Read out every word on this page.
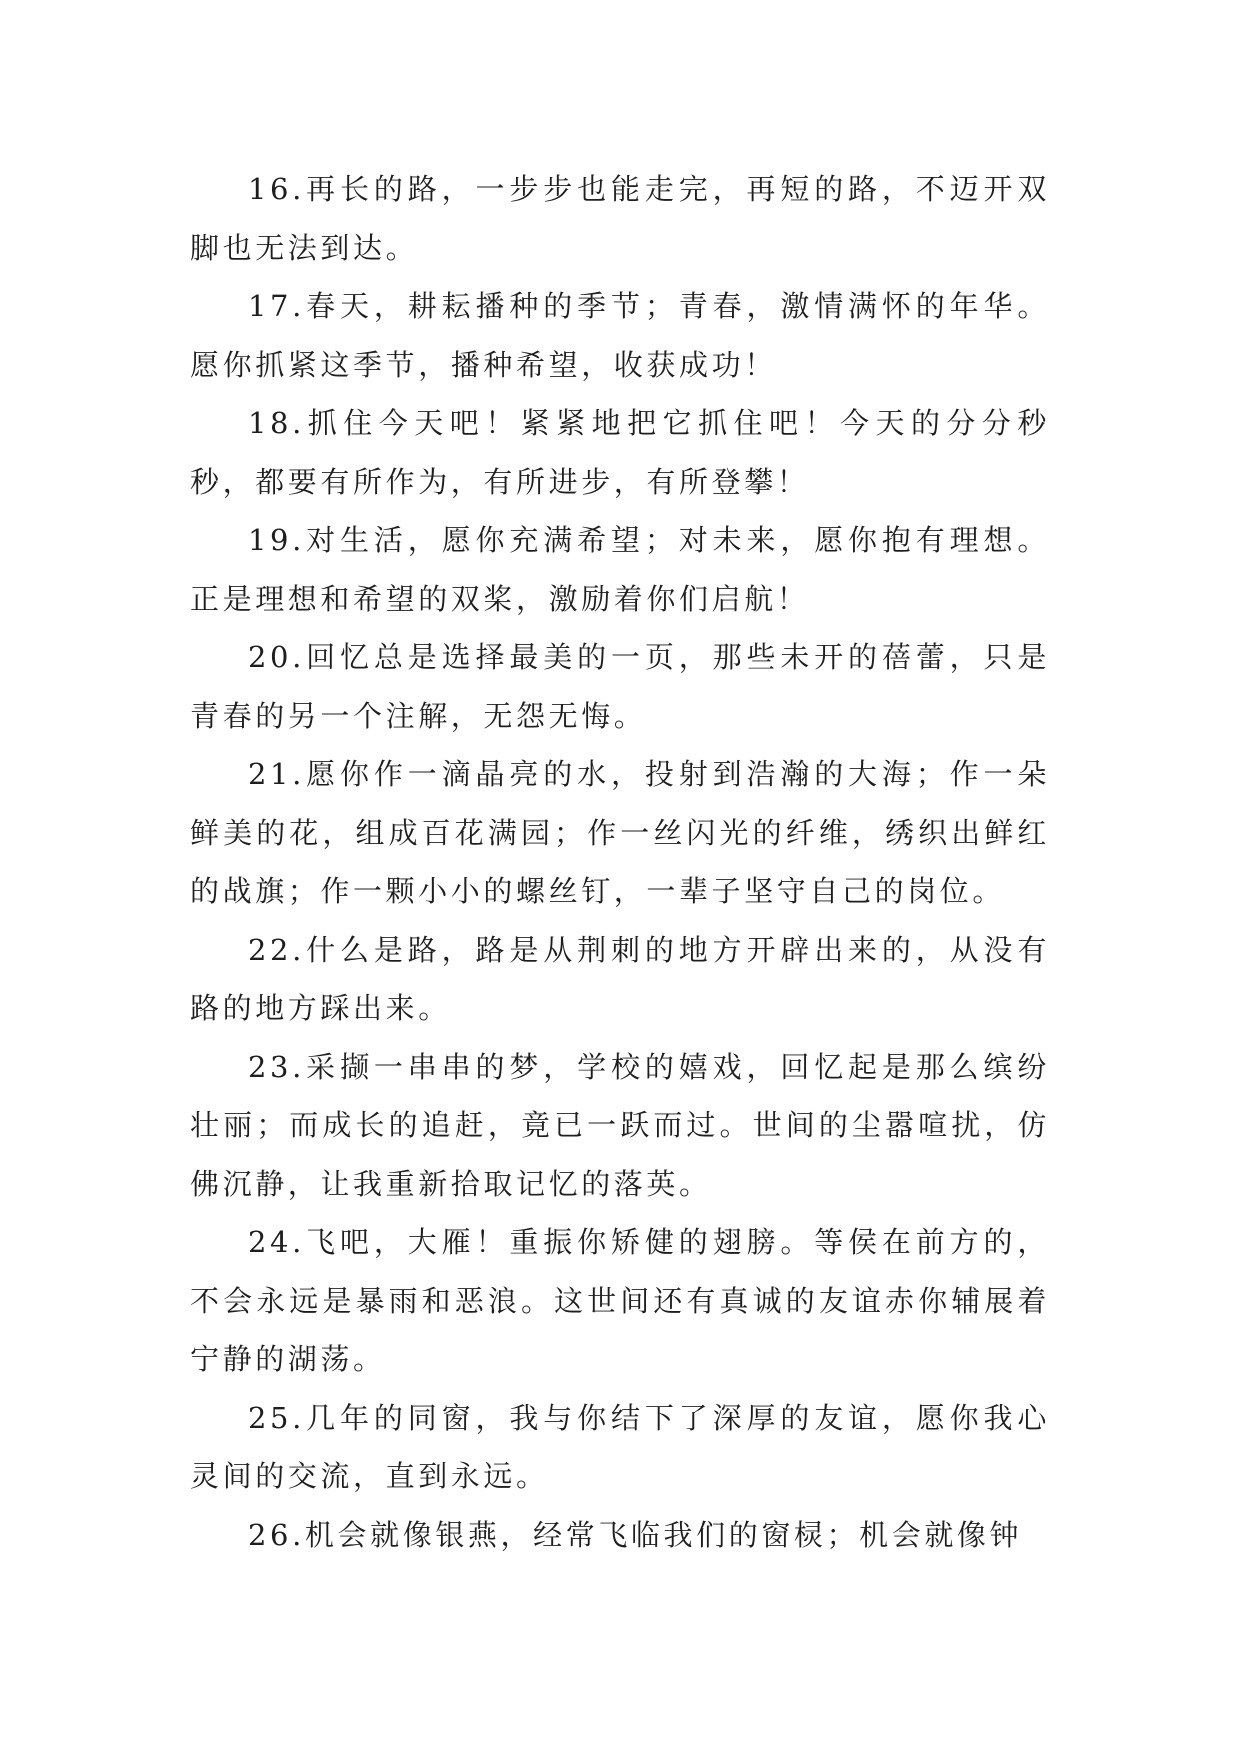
16.再长的路，一步步也能走完，再短的路，不迈开双脚也无法到达。

17.春天，耕耘播种的季节；青春，激情满怀的年华。愿你抓紧这季节，播种希望，收获成功！

18.抓住今天吧！紧紧地把它抓住吧！今天的分分秒秒，都要有所作为，有所进步，有所登攀！

19.对生活，愿你充满希望；对未来，愿你抱有理想。正是理想和希望的双桨，激励着你们启航！

20.回忆总是选择最美的一页，那些未开的蓓蕾，只是青春的另一个注解，无怨无悔。

21.愿你作一滴晶亮的水，投射到浩瀚的大海；作一朵鲜美的花，组成百花满园；作一丝闪光的纤维，绣织出鲜红的战旗；作一颗小小的螺丝钉，一辈子坚守自己的岗位。

22.什么是路，路是从荆刺的地方开辟出来的，从没有路的地方踩出来。

23.采撷一串串的梦，学校的嬉戏，回忆起是那么缤纷壮丽；而成长的追赶，竟已一跃而过。世间的尘嚣喧扰，仿佛沉静，让我重新拾取记忆的落英。

24.飞吧，大雁！重振你矫健的翅膀。等侯在前方的，不会永远是暴雨和恶浪。这世间还有真诚的友谊赤你辅展着宁静的湖荡。

25.几年的同窗，我与你结下了深厚的友谊，愿你我心灵间的交流，直到永远。

26.机会就像银燕，经常飞临我们的窗棂；机会就像钟
